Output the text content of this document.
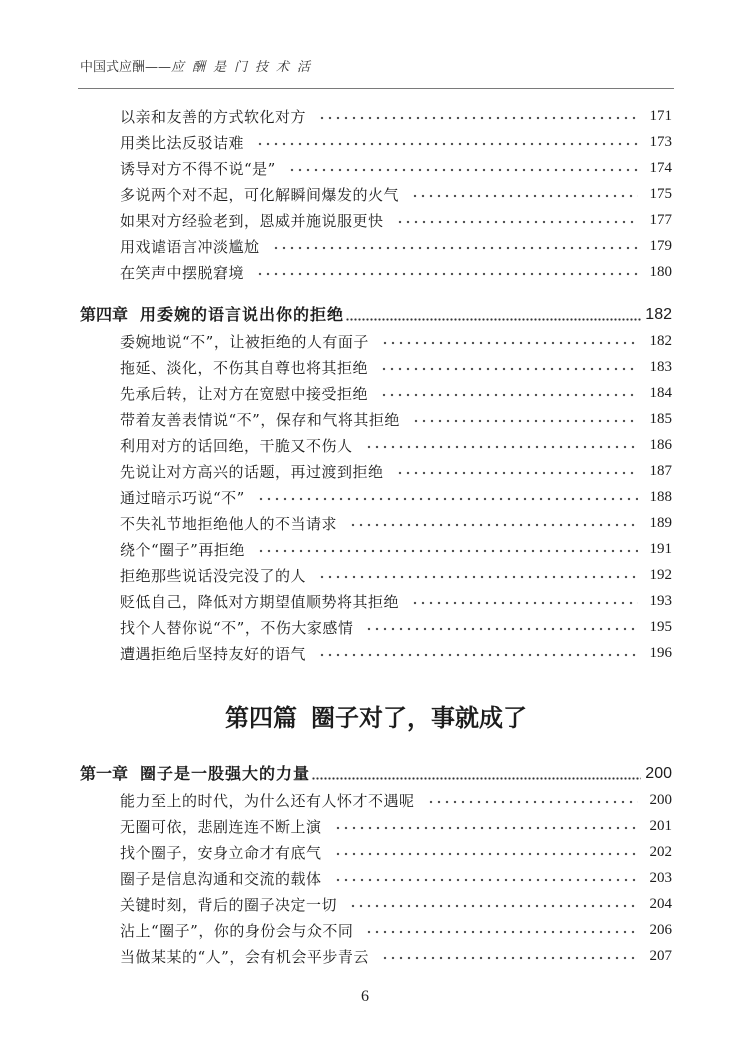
中国式应酬——应酬是门技术活
以亲和友善的方式软化对方	171
用类比法反驳诘难	173
诱导对方不得不说“是”	174
多说两个对不起，可化解瞬间爆发的火气	175
如果对方经验老到，恩威并施说服更快	177
用戏谑语言冲淡尴尬	179
在笑声中摆脱窘境	180
第四章 用委婉的语言说出你的拒绝	182
委婉地说“不”，让被拒绝的人有面子	182
拖延、淡化，不伤其自尊也将其拒绝	183
先承后转，让对方在宽慰中接受拒绝	184
带着友善表情说“不”，保存和气将其拒绝	185
利用对方的话回绝，干脆又不伤人	186
先说让对方高兴的话题，再过渡到拒绝	187
通过暗示巧说“不”	188
不失礼节地拒绝他人的不当请求	189
绕个“圈子”再拒绝	191
拒绝那些说话没完没了的人	192
贬低自己，降低对方期望值顺势将其拒绝	193
找个人替你说“不”，不伤大家感情	195
遭遇拒绝后坚持友好的语气	196
第四篇 圈子对了，事就成了
第一章 圈子是一股强大的力量	200
能力至上的时代，为什么还有人怀才不遇呢	200
无圈可依，悲剧连连不断上演	201
找个圈子，安身立命才有底气	202
圈子是信息沟通和交流的载体	203
关键时刻，背后的圈子决定一切	204
沾上“圈子”，你的身份会与众不同	206
当做某某的“人”，会有机会平步青云	207
6
